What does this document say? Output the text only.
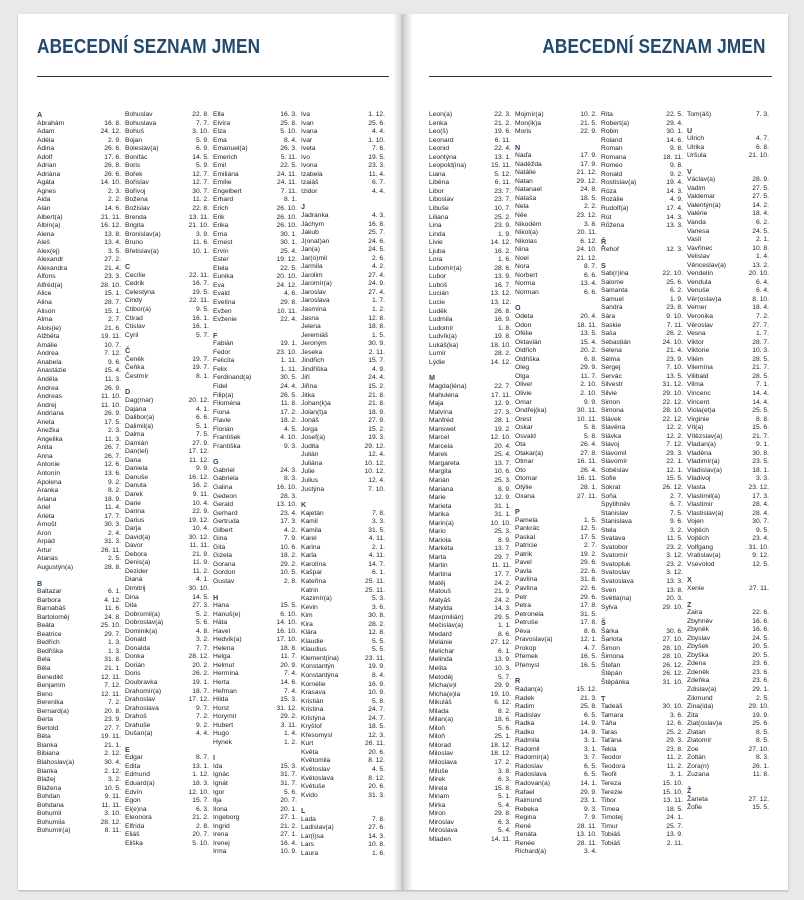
ABECEDNÍ SEZNAM JMEN
A
Abrahám	16. 8.
Adam	24. 12.
Adéla	2. 9.
Adina	26. 6.
Adolf	17. 6.
Adrian	26. 8.
Adriána	26. 6.
Agáta	14. 10.
Agnes	2. 3.
Aida	2. 2.
Alan	14. 6.
Albert(a)	21. 11.
Albín(a)	16. 12.
Alena	13. 8.
Aleš	13. 4.
Alex(ej)	3. 5.
Alexandr	27. 2.
Alexandra	21. 4.
Alfons	23. 3.
Alfréd(a)	28. 10.
Alice	15. 1.
Alina	28. 7.
Alison	15. 1.
Alma	2. 7.
Alois(ie)	21. 6.
Alžběta	19. 11.
Amálie	10. 7.
Andrea	7. 12.
Anabela	9. 6.
Anastázie	15. 4.
Anděla	11. 3.
Andrea	26. 9.
Andreas	11. 10.
Andrej	11. 10.
Andriana	26. 9.
Aneta	17. 5.
Anežka	2. 3.
Angelika	11. 3.
Anita	26. 7.
Anna	26. 7.
Antonie	12. 6.
Antonín	13. 6.
Apolena	9. 2.
Aranka	8. 2.
Ariana	18. 9.
Ariel	11. 4.
Arleta	17. 7.
Arnošt	30. 3.
Aron	2. 4.
Arpád	31. 3.
Artur	26. 11.
Atanas	2. 5.
Augustýn(a)	28. 8.
B
Baltazar	6. 1.
Barbora	4. 12.
Barnabáš	11. 6.
Bartoloměj	24. 8.
Beáta	25. 10.
Beatrice	29. 7.
Bedřich	1. 3.
Bedřiška	1. 3.
Bela	31. 8.
Běla	21. 1.
Benedikt	12. 11.
Benjamín	7. 12.
Beno	12. 11.
Berenika	7. 2.
Bernard(a)	20. 8.
Berta	23. 9.
Bertold	27. 7.
Běta	19. 11.
Bianka	21. 1.
Bibiana	2. 12.
Blahoslav(a)	30. 4.
Blanka	2. 12.
Blažej	3. 2.
Blažena	10. 5.
Bohdan	9. 11.
Bohdana	11. 11.
Bohumil	3. 10.
Bohumila	28. 12.
Bohumír(a)	8. 11.
Bohuslav	22. 8.
Bohuslava	7. 7.
Bohuš	3. 10.
Bojan	5. 9.
Boleslav(a)	6. 9.
Bonifác	14. 5.
Boris	5. 9.
Bořek	12. 7.
Bořislav	12. 7.
Bořivoj	30. 7.
Božena	11. 2.
Božislav	22. 8.
Brenda	13. 11.
Brigita	21. 10.
Bronislav(a)	3. 9.
Bruno	11. 6.
Břetislav(a)	10. 1.
C
Cecílie	22. 11.
Cedrik	16. 7.
Celestýna	19. 5.
Cindy	22. 11.
Ctibor(a)	9. 5.
Ctirad	16. 1.
Ctislav	16. 1.
Cyril	5. 7.
Č
Čeněk	19. 7.
Čeňka	19. 7.
Čestmír	8. 1.
D
Dag(mar)	20. 12.
Dajana	4. 1.
Dalibor(a)	6. 6.
Dalimil(a)	5. 1.
Dalma	7. 5.
Damián	27. 9.
Dan(iel)	17. 12.
Dana	11. 12.
Daniela	9. 9.
Danuše	16. 12.
Danuta	16. 2.
Darek	9. 11.
Darie	10. 4.
Darina	22. 9.
Darius	19. 12.
Darja	10. 4.
David(a)	30. 12.
Davor	11. 11.
Debora	21. 9.
Denis(a)	11. 9.
Dezider	11. 2.
Diana	4. 1.
Dimitrij	30. 10.
Dina	14. 5.
Dita	27. 3.
Dobromil(a)	5. 2.
Dobroslav(a)	5. 6.
Dominik(a)	4. 8.
Donald	3. 2.
Donalda	7. 7.
Donka	28. 12.
Dorián	20. 2.
Doris	26. 2.
Doubravka	19. 1.
Drahomír(a)	18. 7.
Drahoslav	17. 12.
Drahoslava	9. 7.
Drahoš	7. 2.
Drahuše	9. 2.
Dušan(a)	4. 4.
E
Edgar	8. 7.
Edita	13. 1.
Edmund	1. 12.
Eduard(a)	18. 3.
Edvín	12. 10.
Egon	15. 7.
El(e)na	6. 3.
Eleonora	21. 2.
Elfrída	2. 8.
Eliáš	20. 7.
Eliška	5. 10.
Ella	16. 3.
Elvíra	25. 8.
Elza	5. 10.
Ema	8. 4.
Emanuel(a)	26. 3.
Emerich	5. 11.
Emil	22. 5.
Emiliána	24. 11.
Emílie	24. 11.
Engelbert	7. 11.
Erhard	8. 1.
Erich	26. 10.
Erik	26. 10.
Erika	26. 10.
Erna	30. 1.
Ernest	30. 1.
Ervín	25. 4.
Ester	19. 12.
Etela	22. 5.
Eunika	20. 10.
Eva	24. 12.
Evald	4. 6.
Evelína	29. 8.
Evžen	10. 11.
Evženie	22. 4.
F
Fabián	19. 1.
Fedor	23. 10.
Felicita	1. 11.
Felix	1. 11.
Ferdinand(a)	30. 5.
Fidel	24. 4.
Filip(a)	26. 5.
Filoména	11. 8.
Fiona	17. 2.
Flavie	18. 2.
Florián	4. 5.
František	4. 10.
Františka	9. 3.
G
Gabriel	24. 3.
Gabriela	8. 3.
Galina	16. 10.
Gedeon	28. 3.
Gerald	13. 10.
Gerhard	23. 4.
Gertruda	17. 3.
Gilbert	4. 2.
Gina	7. 9.
Gita	10. 6.
Gizela	18. 2.
Gorana	29. 2.
Gordon	10. 5.
Gustav	2. 8.
H
Hana	15. 5.
Hanuš(e)	6. 10.
Háta	14. 10.
Havel	16. 10.
Hedvik(a)	17. 10.
Helena	18. 8.
Helga	11. 7.
Helmut	20. 9.
Hermína	7. 4.
Herta	14. 6.
Heřman	7. 4.
Hilda	15. 3.
Horst	31. 12.
Horymír	29. 2.
Hubert	3. 11.
Hugo	1. 4.
Hynek	1. 2.
I
Ida	15. 3.
Ignác	31. 7.
Ignát	31. 7.
Igor	5. 6.
Ilja	20. 7.
Ilona	20. 1.
Ingeborg	27. 1.
Ingrid	21. 2.
Irena	27. 1.
Irenej	16. 4.
Irma	10. 9.
Iva	1. 12.
Ivan	25. 6.
Ivana	4. 4.
Ivar	1. 10.
Iveta	7. 6.
Ivo	19. 5.
Ivona	23. 3.
Izabela	11. 4.
Izaiáš	6. 7.
Izidor	4. 4.
J
Jadranka	4. 3.
Jáchym	16. 8.
Jakub	25. 7.
J(onat)an	24. 6.
Jan(a)	24. 5.
Jar(o)mil	2. 6.
Jarmila	4. 2.
Jarolim	27. 4.
Jaromír(a)	24. 9.
Jaroslav	27. 4.
Jaroslava	1. 7.
Jasmína	1. 2.
Jasna	12. 8.
Jelena	18. 8.
Jeremiáš	1. 5.
Jeroným	30. 9.
Jeseka	2. 11.
Jindřich	15. 7.
Jindřiška	4. 9.
Jiří	24. 4.
Jiřina	15. 2.
Jitka	21. 8.
Johan(k)a	21. 8.
Jolan(t)a	18. 9.
Jonáš	27. 9.
Jorga	15. 2.
Josef(a)	19. 3.
Judita	29. 12.
Julián	12. 4.
Juliána	10. 12.
Julie	10. 12.
Julius	12. 4.
Justýna	7. 10.
K
Kajetán	7. 8.
Kamil	3. 3.
Kamila	31. 5.
Karel	4. 11.
Karina	2. 1.
Karla	4. 11.
Karolína	14. 7.
Kašpar	6. 1.
Kateřina	25. 11.
Katrin	25. 11.
Kazimír(a)	5. 3.
Kevin	3. 6.
Kim	30. 8.
Kira	28. 2.
Klára	12. 8.
Klaudie	5. 5.
Klaudius	5. 5.
Klement(ina)	23. 11.
Konstantýn	19. 9.
Konstantýna	8. 4.
Kornélie	16. 9.
Krasava	10. 9.
Kristián	5. 8.
Kristina	24. 7.
Kristýna	24. 7.
Kryštof	18. 5.
Křesomysl	12. 3.
Kurt	26. 11.
Květa	20. 6.
Květomila	8. 12.
Květoslav	4. 5.
Květoslava	8. 12.
Květuše	20. 6.
Kvido	31. 3.
L
Lada	7. 8.
Ladislav(a)	27. 6.
Lar(i)sa	14. 3.
Lars	10. 8.
Laura	1. 6.
ABECEDNÍ SEZNAM JMEN
Leon(a)	22. 3.
Lenka	21. 2.
Leo(š)	19. 6.
Leonard	6. 11.
Leonid	22. 4.
Leontýna	13. 1.
Leopold(ina)	15. 11.
Liana	5. 12.
Liběna	6. 11.
Libor	23. 7.
Liboslav	23. 7.
Libuše	10. 7.
Liliana	25. 2.
Lina	23. 9.
Linda	1. 9.
Livie	14. 12.
Ljuba	16. 2.
Lora	1. 6.
Lubomír(a)	28. 6.
Lubor	13. 9.
Luboš	16. 7.
Lucián	13. 12.
Lucie	13. 12.
Luděk	26. 8.
Ludmila	16. 9.
Ludomír	1. 8.
Ludvík(a)	19. 8.
Lukáš(ka)	18. 10.
Lumír	28. 2.
Lýdie	14. 12.
M
Magda(léna)	22. 7.
Mahulena	17. 11.
Maja	12. 9.
Malvína	27. 3.
Manfréd	28. 1.
Manswet	19. 2.
Marcel	12. 10.
Marcela	20. 4.
Marek	25. 4.
Margareta	13. 7.
Margita	10. 6.
Marián	25. 3.
Mariana	8. 9.
Marie	12. 9.
Marieta	31. 1.
Marika	31. 1.
Marin(a)	10. 10.
Mario	25. 3.
Mariola	8. 9.
Markéta	13. 7.
Marta	29. 7.
Martin	11. 11.
Martina	17. 7.
Matěj	24. 2.
Matouš	21. 9.
Matyáš	24. 2.
Matylda	14. 3.
Max(milián)	29. 5.
Mečislav(a)	1. 1.
Medard	8. 6.
Melánie	27. 12.
Melichar	6. 1.
Melinda	13. 9.
Melita	10. 3.
Metoděj	5. 7.
Micha(e)l	29. 9.
Micha(e)la	19. 10.
Mikuláš	6. 12.
Milada	8. 2.
Milan(a)	18. 6.
Miloň	5. 6.
Miloň	25. 1.
Milorad	18. 12.
Miloslav	18. 12.
Miloslava	17. 2.
Miluše	3. 8.
Mirek	6. 3.
Mirela	15. 8.
Miriam	5. 1.
Mirka	5. 4.
Miron	29. 8.
Miroslav	6. 3.
Miroslava	5. 4.
Mladen	14. 11.
Mojmír(a)	10. 2.
Mon(ik)a	21. 5.
Moris	22. 9.
N
Naďa	17. 9.
Naděžda	17. 9.
Natálie	21. 12.
Natan	29. 12.
Natanael	24. 8.
Nataša	18. 5.
Nela	2. 2.
Něe	23. 12.
Nikodém	3. 8.
Nikol(a)	20. 11.
Nikolas	6. 12.
Nina	24. 10.
Noel	21. 12.
Nora	8. 7.
Norbert	6. 6.
Norma	13. 4.
Norman	6. 6.
O
Odeta	20. 4.
Odon	18. 11.
Ofélie	13. 5.
Oktavián	15. 4.
Oldřich	20. 2.
Oldřiška	6. 8.
Oleg	29. 9.
Olga	11. 7.
Oliver	2. 10.
Olivie	2. 10.
Omar	9. 9.
Ondřej(ka)	30. 11.
Orest	10. 11.
Oskar	5. 8.
Osvald	5. 8.
Ota	26. 4.
Otakar(a)	27. 8.
Otmar	16. 11.
Oto	26. 4.
Otomar	16. 11.
Otýlie	28. 1.
Oxana	27. 11.
P
Pamela	1. 5.
Pankrác	12. 5.
Paskal	17. 5.
Patricie	2. 7.
Patrik	19. 2.
Pavel	29. 6.
Pavla	22. 6.
Pavlína	31. 8.
Pavlína	22. 6.
Petr	29. 6.
Petra	17. 8.
Petronela	31. 5.
Petruše	17. 8.
Pěva	8. 6.
Pravoslav(a)	12. 1.
Prokop	4. 7.
Přemek	16. 5.
Přemysl	16. 5.
R
Radan(a)	15. 12.
Radek	21. 3.
Radim	25. 8.
Radislav	6. 5.
Radka	14. 9.
Radko	14. 9.
Radmila	3. 1.
Radomil	3. 1.
Radomír(a)	3. 7.
Radoslav	6. 5.
Radoslava	6. 5.
Radovan(a)	14. 1.
Rafael	29. 9.
Raimund	23. 1.
Rebeka	9. 3.
Regina	7. 9.
René	28. 11.
Renáta	13. 10.
Renée	28. 11.
Richard(a)	3. 4.
Rita	22. 5.
Robert(a)	29. 4.
Robin	30. 1.
Roland	14. 6.
Roman	9. 8.
Romana	18. 11.
Romeo	9. 8.
Ronald	9. 2.
Rostislav(a)	19. 4.
Róza	14. 3.
Rozálie	4. 9.
Rudolf(a)	17. 4.
Rút	14. 3.
Růžena	13. 3.
Ř
Řehoř	12. 3.
S
Sab(r)ina	22. 10.
Salome	25. 6.
Samanta	6. 2.
Samuel	1. 9.
Sandra	23. 8.
Sára	9. 10.
Saskie	7. 11.
Saša	26. 2.
Sebastián	24. 10.
Selena	21. 4.
Selma	23. 9.
Sergej	7. 10.
Servác	13. 5.
Silvestr	31. 12.
Silvie	29. 10.
Simon	22. 12.
Simona	28. 10.
Slávek	22. 12.
Slavěna	12. 2.
Slávka	12. 2.
Slavoj	7. 12.
Slavomil	29. 3.
Slavomír	22. 1.
Soběslav	12. 1.
Sofie	15. 5.
Sokrat	26. 12.
Soňa	2. 7.
Spytihněv	6. 7.
Stanislav	7. 5.
Stanislava	9. 6.
Stela	3. 2.
Svatava	11. 5.
Svatobor	23. 2.
Svatomír	3. 12.
Svatopluk	23. 2.
Svatoslav	3. 12.
Svatoslava	13. 3.
Sven	13. 8.
Světla(na)	20. 3.
Sylva	29. 10.
Š
Šárka	30. 6.
Šarlota	27. 10.
Šimon	28. 10.
Šimona	28. 10.
Štefan	26. 12.
Štěpán	26. 12.
Štěpánka	31. 10.
T
Tadeáš	30. 10.
Tamara	3. 6.
Táňa	12. 6.
Taras	25. 2.
Taťána	29. 3.
Tekla	23. 8.
Teodor	11. 2.
Teodora	11. 2.
Teofil	3. 1.
Tereza	15. 10.
Terezie	15. 10.
Tibor	13. 11.
Timea	18. 5.
Timotej	24. 1.
Timur	25. 7.
Tobiáš	13. 9.
Tobiáš	2. 11.
Tom(áš)	7. 3.
U
Ulrich	4. 7.
Ulrika	6. 8.
Uršula	21. 10.
V
Václav(a)	28. 9.
Vadim	27. 5.
Valdemar	27. 5.
Valentýn(a)	14. 2.
Valérie	18. 4.
Vanda	6. 2.
Vanesa	24. 5.
Vasil	2. 1.
Vavřinec	10. 8.
Velislav	1. 4.
Věnceslav(a)	13. 2.
Vendelín	20. 10.
Vendula	6. 4.
Venuše	6. 4.
Věr(oslav)a	8. 10.
Verner	18. 4.
Veronika	7. 2.
Věroslav	27. 7.
Vesna	1. 7.
Viktor	28. 7.
Viktorie	10. 3.
Vilém	28. 5.
Vilemína	21. 7.
Vilibald	28. 5.
Vilma	7. 1.
Vincenc	14. 4.
Vincent	14. 4.
Viola(et)a	25. 5.
Virginie	8. 8.
Vít(a)	15. 6.
Vítězslav(a)	21. 7.
Vladan(a)	9. 1.
Vladěna	30. 8.
Vladimír(a)	23. 5.
Vladislav(a)	18. 1.
Vladivoj	3. 3.
Vlasta	23. 12.
Vlastimil(a)	17. 3.
Vlastimír	28. 4.
Vlastislav(a)	28. 4.
Vojen	30. 7.
Vojtěch	9. 5.
Vojtěch	23. 4.
Volfgang	31. 10.
Vratislav(a)	9. 12.
Vsevolod	12. 5.
X
Xenie	27. 11.
Z
Zaira	22. 6.
Zbyhněv	16. 6.
Zbyněk	16. 6.
Zbyslav	24. 5.
Zbyšek	20. 5.
Zbyška	20. 5.
Zdena	23. 6.
Zdeněk	23. 6.
Zdeňka	23. 6.
Zdislav(a)	29. 1.
Zikmund	2. 5.
Zina(ida)	29. 10.
Zita	19. 9.
Zlat(oslav)a	25. 6.
Zlatan	8. 5.
Zlatomír	8. 5.
Zoe	27. 10.
Zoltán	8. 3.
Zora(n)	26. 1.
Zuzana	11. 8.
Ž
Žaneta	27. 12.
Žofie	15. 5.
